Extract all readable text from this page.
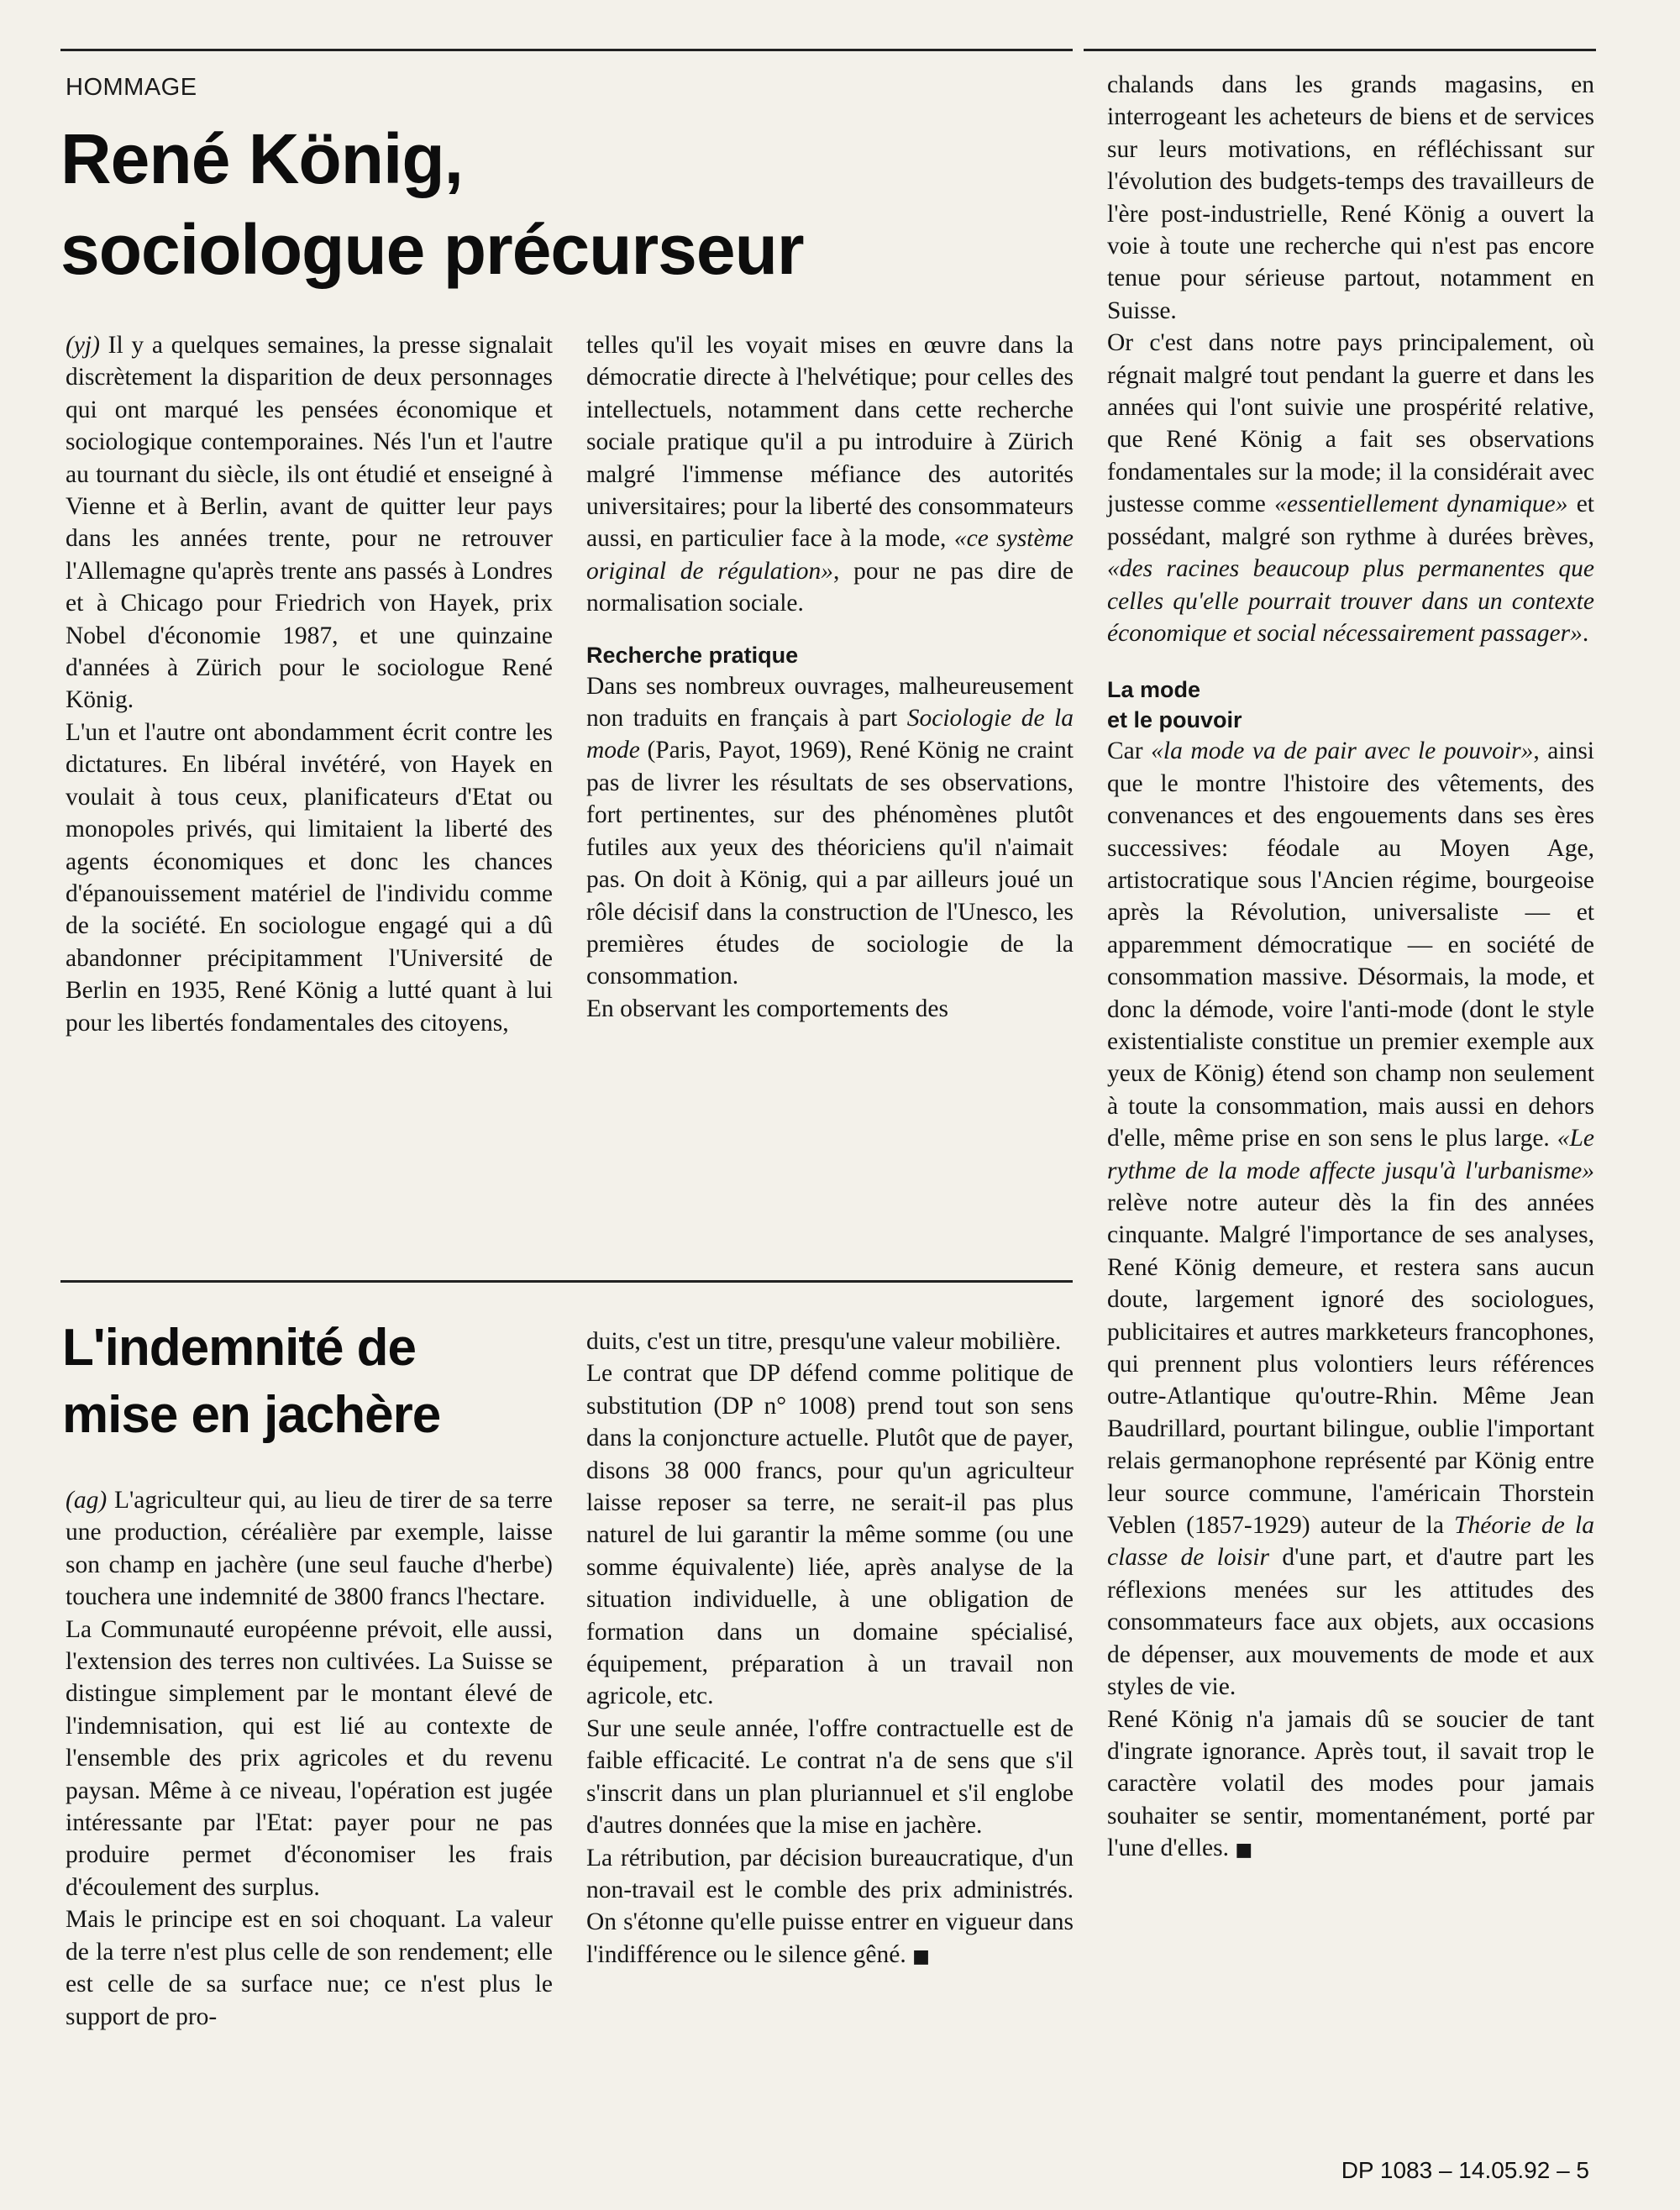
HOMMAGE
René König,
sociologue précurseur

(yj) Il y a quelques semaines, la presse signalait discrètement la disparition de deux personnages qui ont marqué les pensées économique et sociologique contemporaines. Nés l'un et l'autre au tournant du siècle, ils ont étudié et enseigné à Vienne et à Berlin, avant de quitter leur pays dans les années trente, pour ne retrouver l'Allemagne qu'après trente ans passés à Londres et à Chicago pour Friedrich von Hayek, prix Nobel d'économie 1987, et une quinzaine d'années à Zürich pour le sociologue René König.

L'un et l'autre ont abondamment écrit contre les dictatures. En libéral invétéré, von Hayek en voulait à tous ceux, planificateurs d'Etat ou monopoles privés, qui limitaient la liberté des agents économiques et donc les chances d'épanouissement matériel de l'individu comme de la société. En sociologue engagé qui a dû abandonner précipitamment l'Université de Berlin en 1935, René König a lutté quant à lui pour les libertés fondamentales des citoyens,

telles qu'il les voyait mises en œuvre dans la démocratie directe à l'helvétique; pour celles des intellectuels, notamment dans cette recherche sociale pratique qu'il a pu introduire à Zürich malgré l'immense méfiance des autorités universitaires; pour la liberté des consommateurs aussi, en particulier face à la mode, «ce système original de régulation», pour ne pas dire de normalisation sociale.

Recherche pratique

Dans ses nombreux ouvrages, malheureusement non traduits en français à part Sociologie de la mode (Paris, Payot, 1969), René König ne craint pas de livrer les résultats de ses observations, fort pertinentes, sur des phénomènes plutôt futiles aux yeux des théoriciens qu'il n'aimait pas. On doit à König, qui a par ailleurs joué un rôle décisif dans la construction de l'Unesco, les premières études de sociologie de la consommation.

En observant les comportements des

chalands dans les grands magasins, en interrogeant les acheteurs de biens et de services sur leurs motivations, en réfléchissant sur l'évolution des budgets-temps des travailleurs de l'ère post-industrielle, René König a ouvert la voie à toute une recherche qui n'est pas encore tenue pour sérieuse partout, notamment en Suisse.

Or c'est dans notre pays principalement, où régnait malgré tout pendant la guerre et dans les années qui l'ont suivie une prospérité relative, que René König a fait ses observations fondamentales sur la mode; il la considérait avec justesse comme «essentiellement dynamique» et possédant, malgré son rythme à durées brèves, «des racines beaucoup plus permanentes que celles qu'elle pourrait trouver dans un contexte économique et social nécessairement passager».

La mode
et le pouvoir

Car «la mode va de pair avec le pouvoir», ainsi que le montre l'histoire des vêtements, des convenances et des engouements dans ses ères successives: féodale au Moyen Age, artistocratique sous l'Ancien régime, bourgeoise après la Révolution, universaliste — et apparemment démocratique — en société de consommation massive. Désormais, la mode, et donc la démode, voire l'anti-mode (dont le style existentialiste constitue un premier exemple aux yeux de König) étend son champ non seulement à toute la consommation, mais aussi en dehors d'elle, même prise en son sens le plus large. «Le rythme de la mode affecte jusqu'à l'urbanisme» relève notre auteur dès la fin des années cinquante. Malgré l'importance de ses analyses, René König demeure, et restera sans aucun doute, largement ignoré des sociologues, publicitaires et autres markketeurs francophones, qui prennent plus volontiers leurs références outre-Atlantique qu'outre-Rhin. Même Jean Baudrillard, pourtant bilingue, oublie l'important relais germanophone représenté par König entre leur source commune, l'américain Thorstein Veblen (1857-1929) auteur de la Théorie de la classe de loisir d'une part, et d'autre part les réflexions menées sur les attitudes des consommateurs face aux objets, aux occasions de dépenser, aux mouvements de mode et aux styles de vie.

René König n'a jamais dû se soucier de tant d'ingrate ignorance. Après tout, il savait trop le caractère volatil des modes pour jamais souhaiter se sentir, momentanément, porté par l'une d'elles. ■

L'indemnité de
mise en jachère

(ag) L'agriculteur qui, au lieu de tirer de sa terre une production, céréalière par exemple, laisse son champ en jachère (une seul fauche d'herbe) touchera une indemnité de 3800 francs l'hectare.

La Communauté européenne prévoit, elle aussi, l'extension des terres non cultivées. La Suisse se distingue simplement par le montant élevé de l'indemnisation, qui est lié au contexte de l'ensemble des prix agricoles et du revenu paysan. Même à ce niveau, l'opération est jugée intéressante par l'Etat: payer pour ne pas produire permet d'économiser les frais d'écoulement des surplus.

Mais le principe est en soi choquant. La valeur de la terre n'est plus celle de son rendement; elle est celle de sa surface nue; ce n'est plus le support de pro-

duits, c'est un titre, presqu'une valeur mobilière.

Le contrat que DP défend comme politique de substitution (DP n° 1008) prend tout son sens dans la conjoncture actuelle. Plutôt que de payer, disons 38 000 francs, pour qu'un agriculteur laisse reposer sa terre, ne serait-il pas plus naturel de lui garantir la même somme (ou une somme équivalente) liée, après analyse de la situation individuelle, à une obligation de formation dans un domaine spécialisé, équipement, préparation à un travail non agricole, etc.

Sur une seule année, l'offre contractuelle est de faible efficacité. Le contrat n'a de sens que s'il s'inscrit dans un plan pluriannuel et s'il englobe d'autres données que la mise en jachère.

La rétribution, par décision bureaucratique, d'un non-travail est le comble des prix administrés. On s'étonne qu'elle puisse entrer en vigueur dans l'indifférence ou le silence gêné. ■

DP 1083 – 14.05.92 – 5
